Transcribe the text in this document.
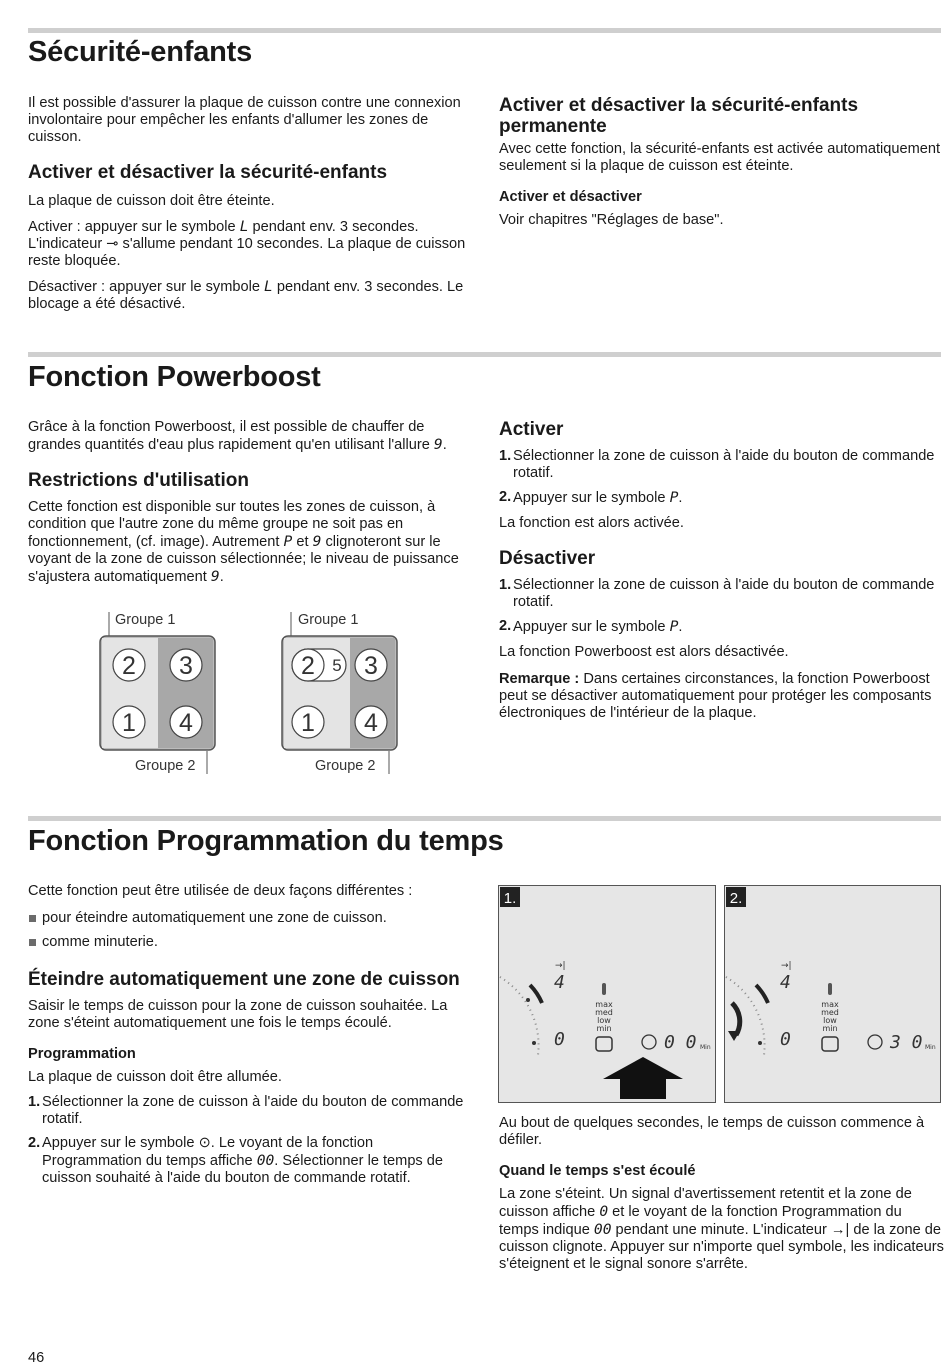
Sécurité-enfants

Il est possible d'assurer la plaque de cuisson contre une connexion involontaire pour empêcher les enfants d'allumer les zones de cuisson.

Activer et désactiver la sécurité-enfants

La plaque de cuisson doit être éteinte.

Activer : appuyer sur le symbole L pendant env. 3 secondes. L'indicateur ⊸ s'allume pendant 10 secondes. La plaque de cuisson reste bloquée.

Désactiver : appuyer sur le symbole L pendant env. 3 secondes. Le blocage a été désactivé.

Activer et désactiver la sécurité-enfants permanente

Avec cette fonction, la sécurité-enfants est activée automatiquement seulement si la plaque de cuisson est éteinte.

Activer et désactiver

Voir chapitres "Réglages de base".

Fonction Powerboost

Grâce à la fonction Powerboost, il est possible de chauffer de grandes quantités d'eau plus rapidement qu'en utilisant l'allure 9.

Restrictions d'utilisation

Cette fonction est disponible sur toutes les zones de cuisson, à condition que l'autre zone du même groupe ne soit pas en fonctionnement, (cf. image). Autrement P et 9 clignoteront sur le voyant de la zone de cuisson sélectionnée; le niveau de puissance s'ajustera automatiquement 9.

Groupe 1
2 3
1 4
Groupe 2
Groupe 1
2 5 3
1 4
Groupe 2
Activer
1. Sélectionner la zone de cuisson à l'aide du bouton de commande rotatif.
2. Appuyer sur le symbole P.

La fonction est alors activée.

Désactiver
1. Sélectionner la zone de cuisson à l'aide du bouton de commande rotatif.
2. Appuyer sur le symbole P.

La fonction Powerboost est alors désactivée.

Remarque : Dans certaines circonstances, la fonction Powerboost peut se désactiver automatiquement pour protéger les composants électroniques de l'intérieur de la plaque.

Fonction Programmation du temps

Cette fonction peut être utilisée de deux façons différentes :

pour éteindre automatiquement une zone de cuisson.
comme minuterie.
Éteindre automatiquement une zone de cuisson

Saisir le temps de cuisson pour la zone de cuisson souhaitée. La zone s'éteint automatiquement une fois le temps écoulé.

Programmation

La plaque de cuisson doit être allumée.

1. Sélectionner la zone de cuisson à l'aide du bouton de commande rotatif.
2. Appuyer sur le symbole ⊙. Le voyant de la fonction Programmation du temps affiche 00. Sélectionner le temps de cuisson souhaité à l'aide du bouton de commande rotatif.
1.
→|
4
0
max
med
low
min
0 0 Min
2.
→|
4
0
max
med
low
min
3 0 Min

Au bout de quelques secondes, le temps de cuisson commence à défiler.

Quand le temps s'est écoulé

La zone s'éteint. Un signal d'avertissement retentit et la zone de cuisson affiche 0 et le voyant de la fonction Programmation du temps indique 00 pendant une minute. L'indicateur →| de la zone de cuisson clignote. Appuyer sur n'importe quel symbole, les indicateurs s'éteignent et le signal sonore s'arrête.

46
